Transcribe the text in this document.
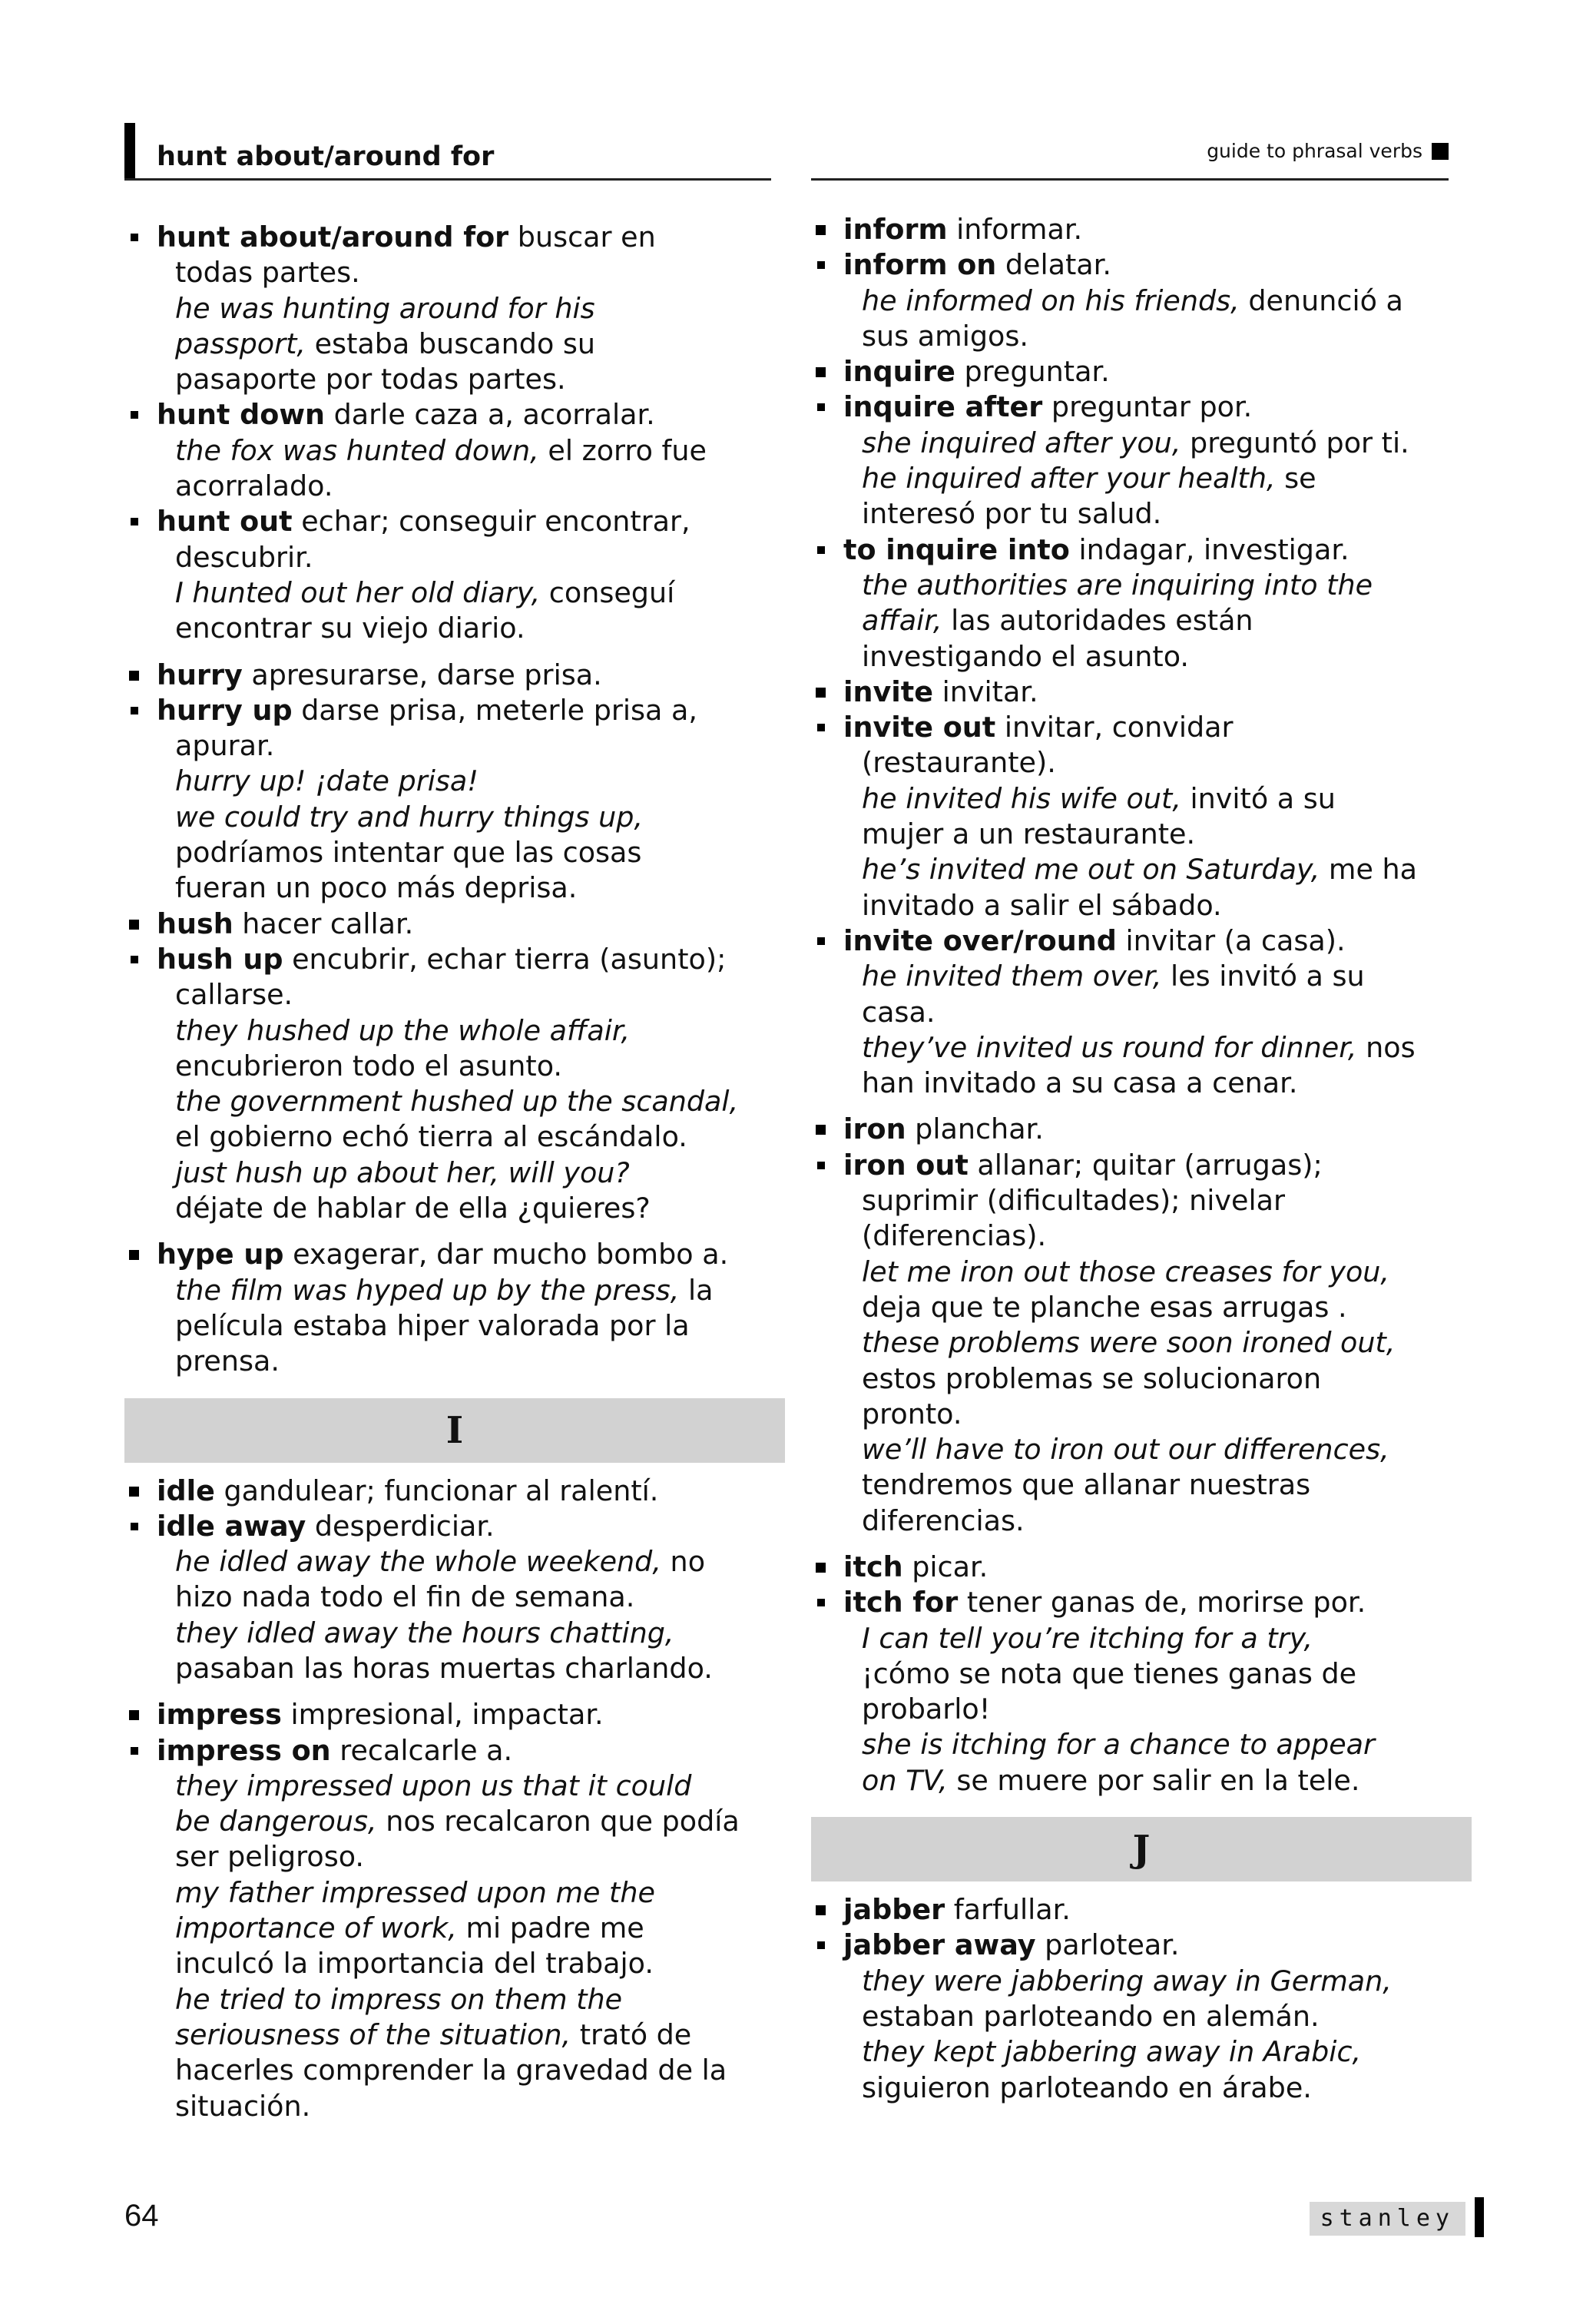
hunt about/around for	guide to phrasal verbs
hunt about/around for buscar en
todas partes.
he was hunting around for his
passport, estaba buscando su
pasaporte por todas partes.
hunt down darle caza a, acorralar.
the fox was hunted down, el zorro fue
acorralado.
hunt out echar; conseguir encontrar,
descubrir.
I hunted out her old diary, conseguí
encontrar su viejo diario.
hurry apresurarse, darse prisa.
hurry up darse prisa, meterle prisa a,
apurar.
hurry up! ¡date prisa!
we could try and hurry things up,
podríamos intentar que las cosas
fueran un poco más deprisa.
hush hacer callar.
hush up encubrir, echar tierra (asunto);
callarse.
they hushed up the whole affair,
encubrieron todo el asunto.
the government hushed up the scandal,
el gobierno echó tierra al escándalo.
just hush up about her, will you?
déjate de hablar de ella ¿quieres?
hype up exagerar, dar mucho bombo a.
the film was hyped up by the press, la
película estaba hiper valorada por la
prensa.
I
idle gandulear; funcionar al ralentí.
idle away desperdiciar.
he idled away the whole weekend, no
hizo nada todo el fin de semana.
they idled away the hours chatting,
pasaban las horas muertas charlando.
impress impresional, impactar.
impress on recalcarle a.
they impressed upon us that it could
be dangerous, nos recalcaron que podía
ser peligroso.
my father impressed upon me the
importance of work, mi padre me
inculcó la importancia del trabajo.
he tried to impress on them the
seriousness of the situation, trató de
hacerles comprender la gravedad de la
situación.
inform informar.
inform on delatar.
he informed on his friends, denunció a
sus amigos.
inquire preguntar.
inquire after preguntar por.
she inquired after you, preguntó por ti.
he inquired after your health, se
interesó por tu salud.
to inquire into indagar, investigar.
the authorities are inquiring into the
affair, las autoridades están
investigando el asunto.
invite invitar.
invite out invitar, convidar
(restaurante).
he invited his wife out, invitó a su
mujer a un restaurante.
he’s invited me out on Saturday, me ha
invitado a salir el sábado.
invite over/round invitar (a casa).
he invited them over, les invitó a su
casa.
they’ve invited us round for dinner, nos
han invitado a su casa a cenar.
iron planchar.
iron out allanar; quitar (arrugas);
suprimir (dificultades); nivelar
(diferencias).
let me iron out those creases for you,
deja que te planche esas arrugas .
these problems were soon ironed out,
estos problemas se solucionaron
pronto.
we’ll have to iron out our differences,
tendremos que allanar nuestras
diferencias.
itch picar.
itch for tener ganas de, morirse por.
I can tell you’re itching for a try,
¡cómo se nota que tienes ganas de
probarlo!
she is itching for a chance to appear
on TV, se muere por salir en la tele.
J
jabber farfullar.
jabber away parlotear.
they were jabbering away in German,
estaban parloteando en alemán.
they kept jabbering away in Arabic,
siguieron parloteando en árabe.
64	stanley
